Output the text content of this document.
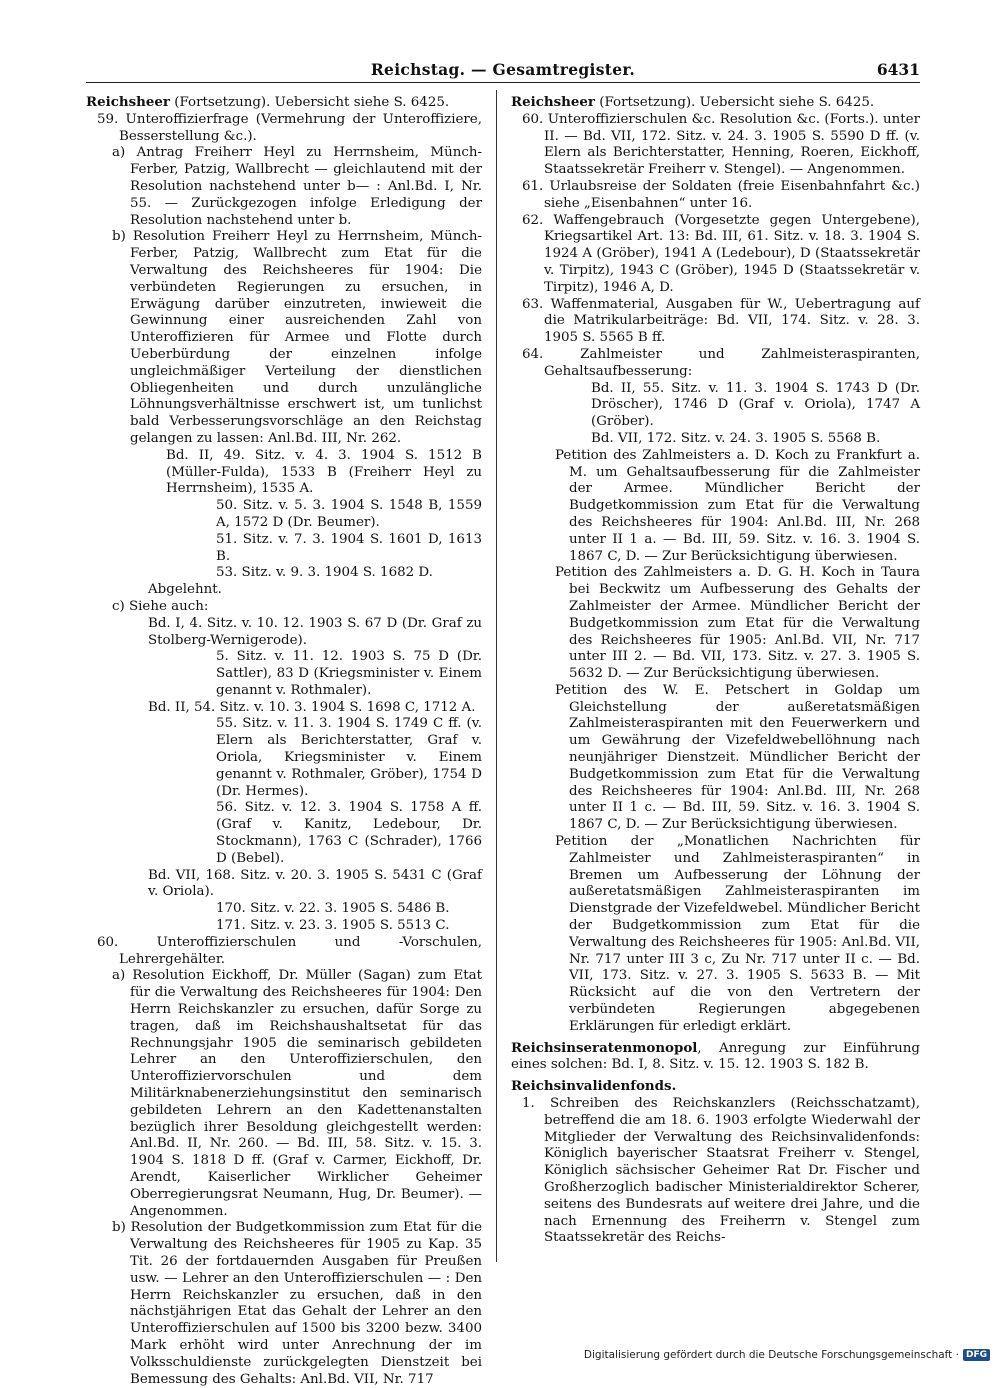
Reichstag. — Gesamtregister.	6431

Reichsheer (Fortsetzung). Uebersicht siehe S. 6425.

59. Unteroffizierfrage (Vermehrung der Unteroffiziere, Besserstellung &c.).

a) Antrag Freiherr Heyl zu Herrnsheim, Münch-Ferber, Patzig, Wallbrecht — gleichlautend mit der Resolution nachstehend unter b— : Anl.Bd. I, Nr. 55. — Zurückgezogen infolge Erledigung der Resolution nachstehend unter b.

b) Resolution Freiherr Heyl zu Herrnsheim, Münch-Ferber, Patzig, Wallbrecht zum Etat für die Verwaltung des Reichsheeres für 1904: Die verbündeten Regierungen zu ersuchen, in Erwägung darüber einzutreten, inwieweit die Gewinnung einer ausreichenden Zahl von Unteroffizieren für Armee und Flotte durch Ueberbürdung der einzelnen infolge ungleichmäßiger Verteilung der dienstlichen Obliegenheiten und durch unzulängliche Löhnungsverhältnisse erschwert ist, um tunlichst bald Verbesserungsvorschläge an den Reichstag gelangen zu lassen: Anl.Bd. III, Nr. 262.

Bd. II, 49. Sitz. v. 4. 3. 1904 S. 1512 B (Müller-Fulda), 1533 B (Freiherr Heyl zu Herrnsheim), 1535 A.

50. Sitz. v. 5. 3. 1904 S. 1548 B, 1559 A, 1572 D (Dr. Beumer).

51. Sitz. v. 7. 3. 1904 S. 1601 D, 1613 B.

53. Sitz. v. 9. 3. 1904 S. 1682 D.

Abgelehnt.

c) Siehe auch:

Bd. I, 4. Sitz. v. 10. 12. 1903 S. 67 D (Dr. Graf zu Stolberg-Wernigerode).

5. Sitz. v. 11. 12. 1903 S. 75 D (Dr. Sattler), 83 D (Kriegsminister v. Einem genannt v. Rothmaler).

Bd. II, 54. Sitz. v. 10. 3. 1904 S. 1698 C, 1712 A.

55. Sitz. v. 11. 3. 1904 S. 1749 C ff. (v. Elern als Berichterstatter, Graf v. Oriola, Kriegsminister v. Einem genannt v. Rothmaler, Gröber), 1754 D (Dr. Hermes).

56. Sitz. v. 12. 3. 1904 S. 1758 A ff. (Graf v. Kanitz, Ledebour, Dr. Stockmann), 1763 C (Schrader), 1766 D (Bebel).

Bd. VII, 168. Sitz. v. 20. 3. 1905 S. 5431 C (Graf v. Oriola).

170. Sitz. v. 22. 3. 1905 S. 5486 B.

171. Sitz. v. 23. 3. 1905 S. 5513 C.

60. Unteroffizierschulen und -Vorschulen, Lehrergehälter.

a) Resolution Eickhoff, Dr. Müller (Sagan) zum Etat für die Verwaltung des Reichsheeres für 1904: Den Herrn Reichskanzler zu ersuchen, dafür Sorge zu tragen, daß im Reichshaushaltsetat für das Rechnungsjahr 1905 die seminarisch gebildeten Lehrer an den Unteroffizierschulen, den Unteroffiziervorschulen und dem Militärknabenerziehungsinstitut den seminarisch gebildeten Lehrern an den Kadettenanstalten bezüglich ihrer Besoldung gleichgestellt werden: Anl.Bd. II, Nr. 260. — Bd. III, 58. Sitz. v. 15. 3. 1904 S. 1818 D ff. (Graf v. Carmer, Eickhoff, Dr. Arendt, Kaiserlicher Wirklicher Geheimer Oberregierungsrat Neumann, Hug, Dr. Beumer). — Angenommen.

b) Resolution der Budgetkommission zum Etat für die Verwaltung des Reichsheeres für 1905 zu Kap. 35 Tit. 26 der fortdauernden Ausgaben für Preußen usw. — Lehrer an den Unteroffizierschulen — : Den Herrn Reichskanzler zu ersuchen, daß in den nächstjährigen Etat das Gehalt der Lehrer an den Unteroffizierschulen auf 1500 bis 3200 bezw. 3400 Mark erhöht wird unter Anrechnung der im Volksschuldienste zurückgelegten Dienstzeit bei Bemessung des Gehalts: Anl.Bd. VII, Nr. 717

Reichsheer (Fortsetzung). Uebersicht siehe S. 6425.

60. Unteroffizierschulen &c. Resolution &c. (Forts.). unter II. — Bd. VII, 172. Sitz. v. 24. 3. 1905 S. 5590 D ff. (v. Elern als Berichterstatter, Henning, Roeren, Eickhoff, Staatssekretär Freiherr v. Stengel). — Angenommen.

61. Urlaubsreise der Soldaten (freie Eisenbahnfahrt &c.) siehe „Eisenbahnen“ unter 16.

62. Waffengebrauch (Vorgesetzte gegen Untergebene), Kriegsartikel Art. 13: Bd. III, 61. Sitz. v. 18. 3. 1904 S. 1924 A (Gröber), 1941 A (Ledebour), D (Staatssekretär v. Tirpitz), 1943 C (Gröber), 1945 D (Staatssekretär v. Tirpitz), 1946 A, D.

63. Waffenmaterial, Ausgaben für W., Uebertragung auf die Matrikularbeiträge: Bd. VII, 174. Sitz. v. 28. 3. 1905 S. 5565 B ff.

64. Zahlmeister und Zahlmeisteraspiranten, Gehaltsaufbesserung:

Bd. II, 55. Sitz. v. 11. 3. 1904 S. 1743 D (Dr. Dröscher), 1746 D (Graf v. Oriola), 1747 A (Gröber).

Bd. VII, 172. Sitz. v. 24. 3. 1905 S. 5568 B.

Petition des Zahlmeisters a. D. Koch zu Frankfurt a. M. um Gehaltsaufbesserung für die Zahlmeister der Armee. Mündlicher Bericht der Budgetkommission zum Etat für die Verwaltung des Reichsheeres für 1904: Anl.Bd. III, Nr. 268 unter II 1 a. — Bd. III, 59. Sitz. v. 16. 3. 1904 S. 1867 C, D. — Zur Berücksichtigung überwiesen.

Petition des Zahlmeisters a. D. G. H. Koch in Taura bei Beckwitz um Aufbesserung des Gehalts der Zahlmeister der Armee. Mündlicher Bericht der Budgetkommission zum Etat für die Verwaltung des Reichsheeres für 1905: Anl.Bd. VII, Nr. 717 unter III 2. — Bd. VII, 173. Sitz. v. 27. 3. 1905 S. 5632 D. — Zur Berücksichtigung überwiesen.

Petition des W. E. Petschert in Goldap um Gleichstellung der außeretatsmäßigen Zahlmeisteraspiranten mit den Feuerwerkern und um Gewährung der Vizefeldwebellöhnung nach neunjähriger Dienstzeit. Mündlicher Bericht der Budgetkommission zum Etat für die Verwaltung des Reichsheeres für 1904: Anl.Bd. III, Nr. 268 unter II 1 c. — Bd. III, 59. Sitz. v. 16. 3. 1904 S. 1867 C, D. — Zur Berücksichtigung überwiesen.

Petition der „Monatlichen Nachrichten für Zahlmeister und Zahlmeisteraspiranten“ in Bremen um Aufbesserung der Löhnung der außeretatsmäßigen Zahlmeisteraspiranten im Dienstgrade der Vizefeldwebel. Mündlicher Bericht der Budgetkommission zum Etat für die Verwaltung des Reichsheeres für 1905: Anl.Bd. VII, Nr. 717 unter III 3 c, Zu Nr. 717 unter II c. — Bd. VII, 173. Sitz. v. 27. 3. 1905 S. 5633 B. — Mit Rücksicht auf die von den Vertretern der verbündeten Regierungen abgegebenen Erklärungen für erledigt erklärt.

Reichsinseratenmonopol, Anregung zur Einführung eines solchen: Bd. I, 8. Sitz. v. 15. 12. 1903 S. 182 B.

Reichsinvalidenfonds.

1. Schreiben des Reichskanzlers (Reichsschatzamt), betreffend die am 18. 6. 1903 erfolgte Wiederwahl der Mitglieder der Verwaltung des Reichsinvalidenfonds: Königlich bayerischer Staatsrat Freiherr v. Stengel, Königlich sächsischer Geheimer Rat Dr. Fischer und Großherzoglich badischer Ministerialdirektor Scherer, seitens des Bundesrats auf weitere drei Jahre, und die nach Ernennung des Freiherrn v. Stengel zum Staatssekretär des Reichs-

Digitalisierung gefördert durch die Deutsche Forschungsgemeinschaft · DFG
